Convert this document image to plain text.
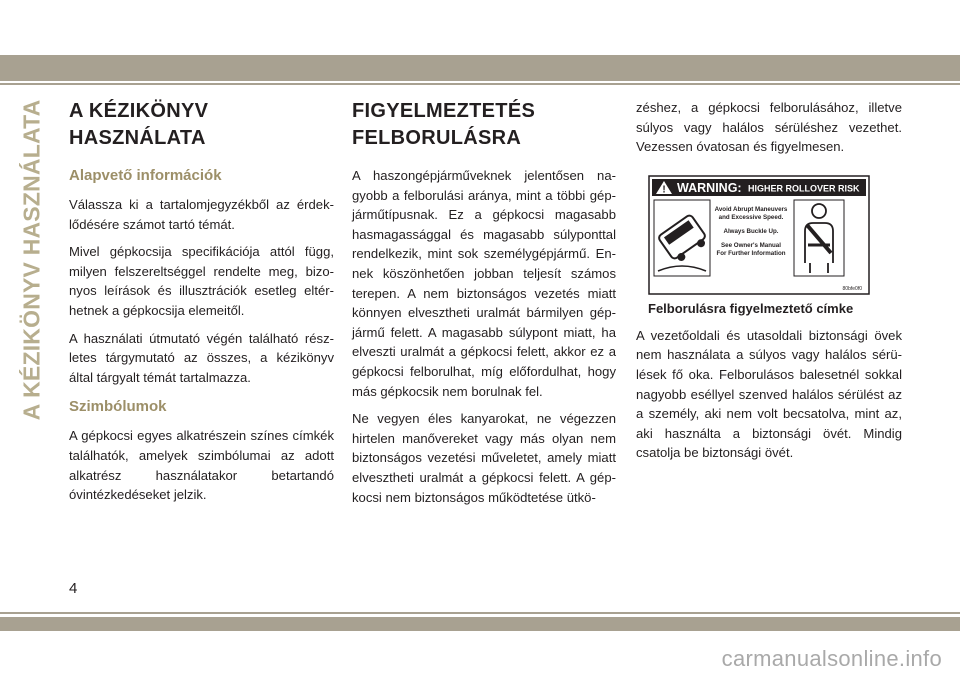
A KÉZIKÖNYV HASZNÁLATA A KÉZIKÖNYV HASZNÁLATA
Alapvető információk

Válassza ki a tartalomjegyzékből az érdeklődésére számot tartó témát.

Mivel gépkocsija specifikációja attól függ, milyen felszereltséggel rendelte meg, bizonyos leírások és illusztrációk esetleg eltérhetnek a gépkocsija elemeitől.

A használati útmutató végén található részletes tárgymutató az összes, a kézikönyv által tárgyalt témát tartalmazza.

Szimbólumok

A gépkocsi egyes alkatrészein színes címkék találhatók, amelyek szimbólumai az adott alkatrész használatakor betartandó óvintézkedéseket jelzik.

FIGYELMEZTETÉS FELBORULÁSRA

A haszongépjárműveknek jelentősen nagyobb a felborulási aránya, mint a többi gépjárműtípusnak. Ez a gépkocsi magasabb hasmagassággal és magasabb súlyponttal rendelkezik, mint sok személygépjármű. Ennek köszönhetően jobban teljesít számos terepen. A nem biztonságos vezetés miatt könnyen elvesztheti uralmát bármilyen gépjármű felett. A magasabb súlypont miatt, ha elveszti uralmát a gépkocsi felett, akkor ez a gépkocsi felborulhat, míg előfordulhat, hogy más gépkocsik nem borulnak fel.

Ne vegyen éles kanyarokat, ne végezzen hirtelen manővereket vagy más olyan nem biztonságos vezetési műveletet, amely miatt elvesztheti uralmát a gépkocsi felett. A gépkocsi nem biztonságos működtetése ütkö-

zéshez, a gépkocsi felborulásához, illetve súlyos vagy halálos sérüléshez vezethet. Vezessen óvatosan és figyelmesen.

! WARNING: HIGHER ROLLOVER RISK
Avoid Abrupt Maneuvers
and Excessive Speed.
Always Buckle Up.
See Owner's Manual
For Further Information
80bfe0f0
Felborulásra figyelmeztető címke

A vezetőoldali és utasoldali biztonsági övek nem használata a súlyos vagy halálos sérülések fő oka. Felborulásos balesetnél sokkal nagyobb eséllyel szenved halálos sérülést az a személy, aki nem volt becsatolva, mint az, aki használta a biztonsági övét. Mindig csatolja be biztonsági övét.

4
carmanualsonline.info
